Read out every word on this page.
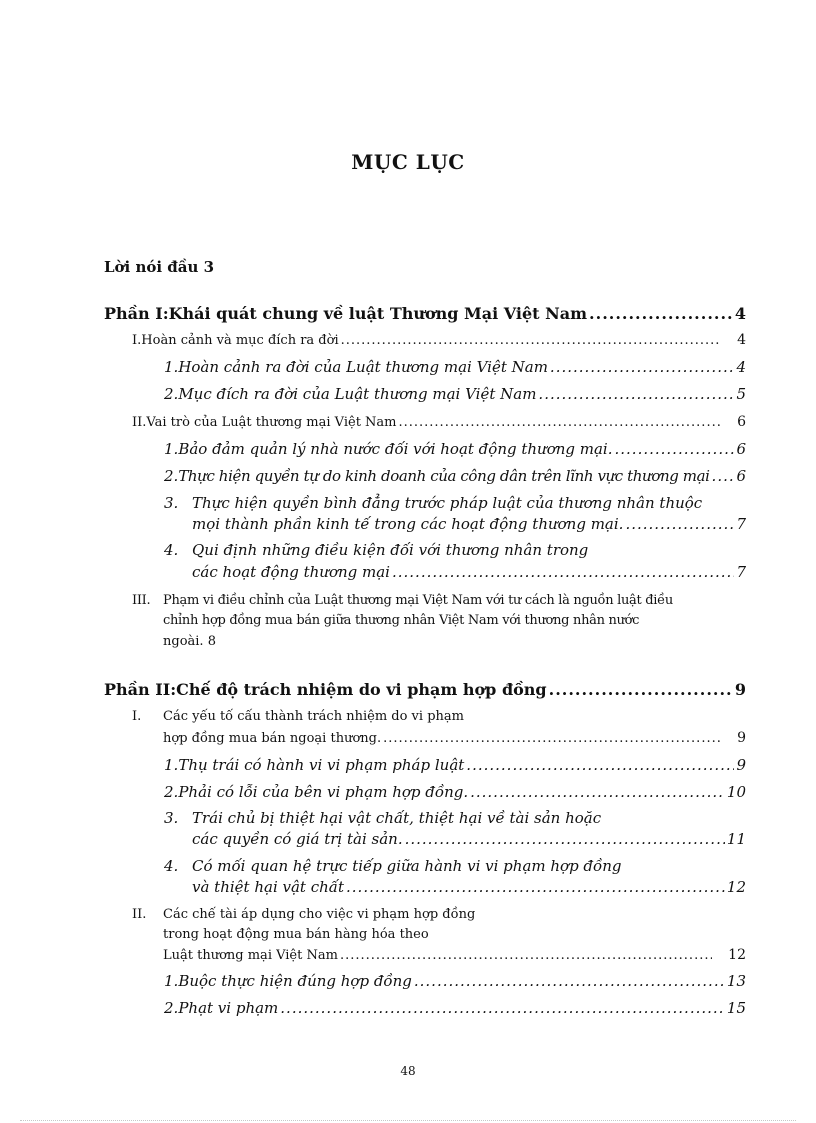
MỤC LỤC
Lời nói đầu 3
Phần I: Khái quát chung về luật Thương Mại Việt Nam .....	4
I. Hoàn cảnh và mục đích ra đời .....	4
1. Hoàn cảnh ra đời của Luật thương mại Việt Nam .....	4
2. Mục đích ra đời của Luật thương mại Việt Nam .....	5
II. Vai trò của Luật thương mại Việt Nam .....	6
1. Bảo đảm quản lý nhà nước đối với hoạt động thương mại. .....	6
2. Thực hiện quyền tự do kinh doanh của công dân trên lĩnh vực thương mại ..... 6
3. Thực hiện quyền bình đẳng trước pháp luật của thương nhân thuộc
mọi thành phần kinh tế trong các hoạt động thương mại. .....	7
4. Qui định những điều kiện đối với thương nhân trong
các hoạt động thương mại .....	7
III. Phạm vi điều chỉnh của Luật thương mại Việt Nam với tư cách là nguồn luật điều
chỉnh hợp đồng mua bán giữa thương nhân Việt Nam với thương nhân nước
ngoài. 8
Phần II: Chế độ trách nhiệm do vi phạm hợp đồng .....	9
I. Các yếu tố cấu thành trách nhiệm do vi phạm
hợp đồng mua bán ngoại thương. .....	9
1. Thụ trái có hành vi vi phạm pháp luật .....	9
2. Phải có lỗi của bên vi phạm hợp đồng. .....	10
3. Trái chủ bị thiệt hại vật chất, thiệt hại về tài sản hoặc
các quyền có giá trị tài sản. .....	11
4. Có mối quan hệ trực tiếp giữa hành vi vi phạm hợp đồng
và thiệt hại vật chất .....	12
II. Các chế tài áp dụng cho việc vi phạm hợp đồng
trong hoạt động mua bán hàng hóa theo
Luật thương mại Việt Nam .....	12
1. Buộc thực hiện đúng hợp đồng .....	13
2. Phạt vi phạm .....	15
48
